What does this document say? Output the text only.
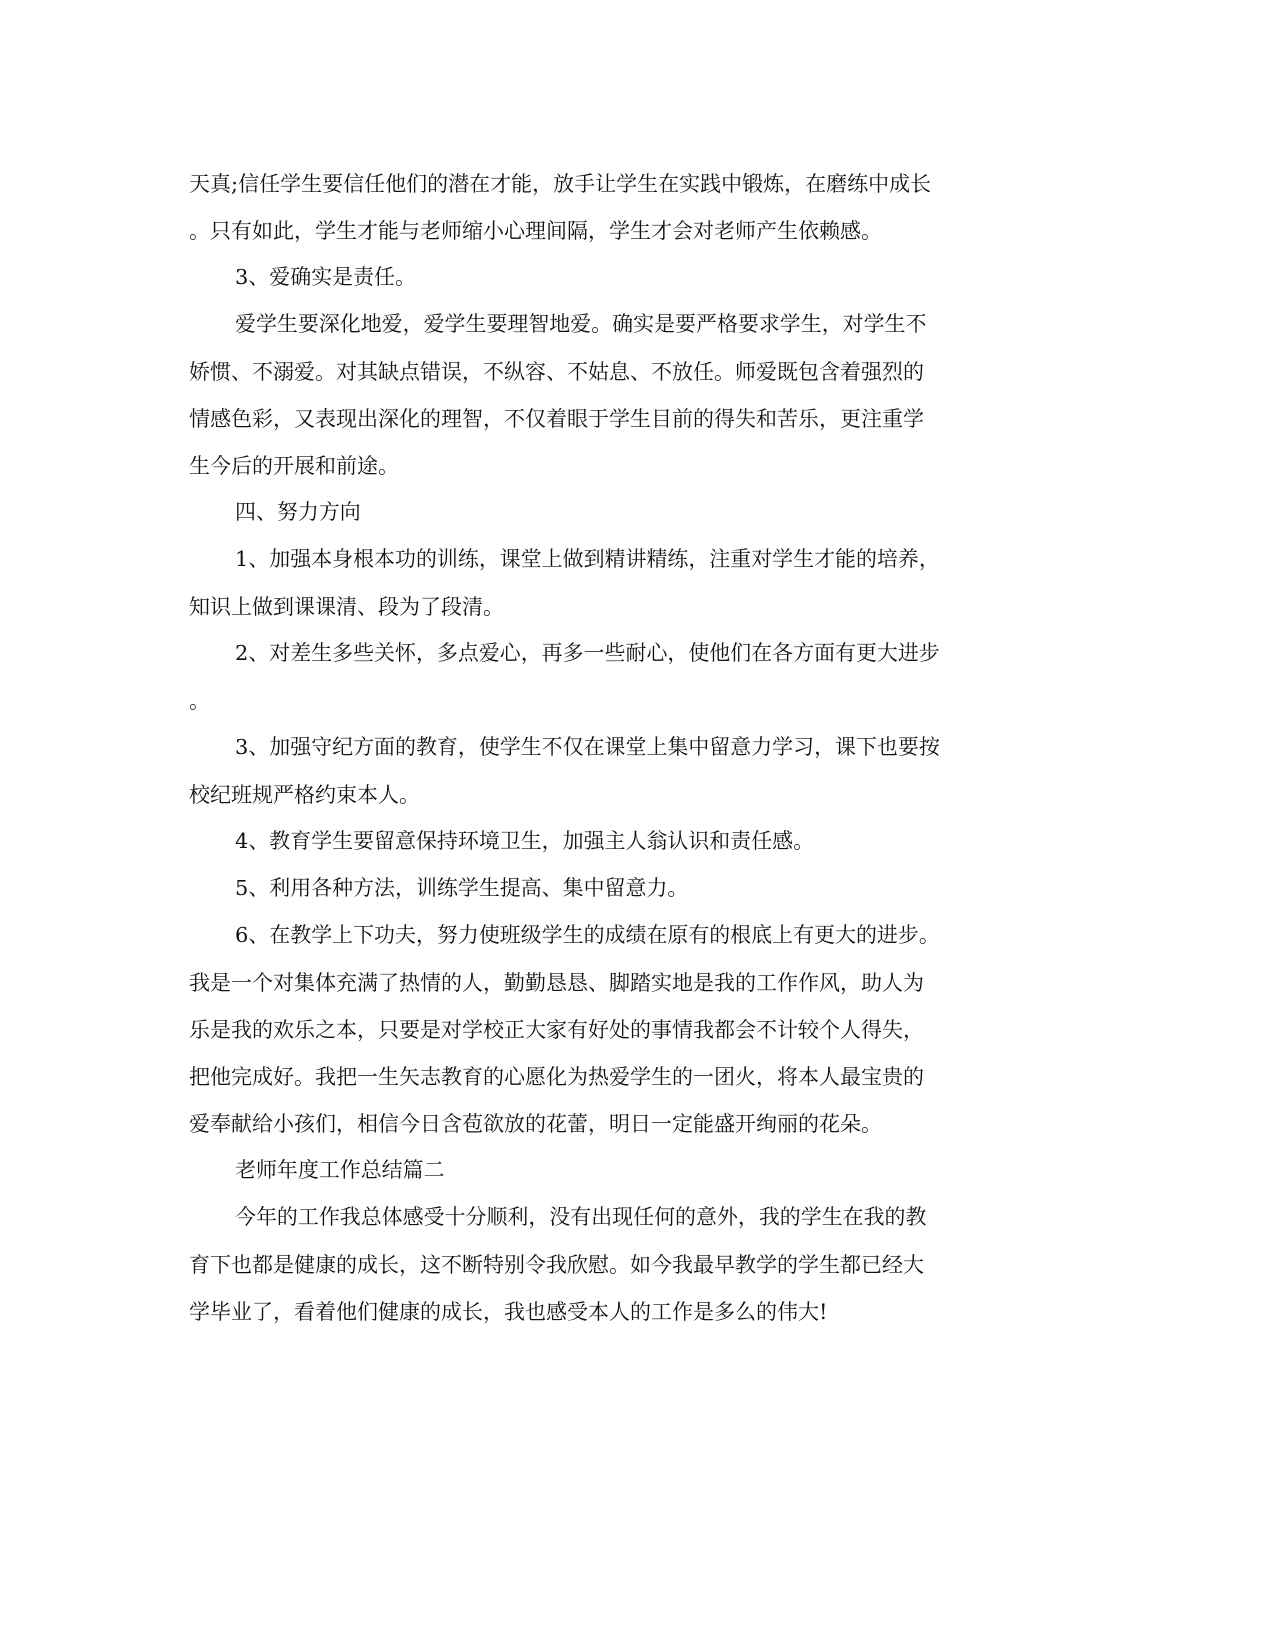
天真;信任学生要信任他们的潜在才能，放手让学生在实践中锻炼，在磨练中成长
。只有如此，学生才能与老师缩小心理间隔，学生才会对老师产生依赖感。
3、爱确实是责任。
爱学生要深化地爱，爱学生要理智地爱。确实是要严格要求学生，对学生不
娇惯、不溺爱。对其缺点错误，不纵容、不姑息、不放任。师爱既包含着强烈的
情感色彩，又表现出深化的理智，不仅着眼于学生目前的得失和苦乐，更注重学
生今后的开展和前途。
四、努力方向
1、加强本身根本功的训练，课堂上做到精讲精练，注重对学生才能的培养，
知识上做到课课清、段为了段清。
2、对差生多些关怀，多点爱心，再多一些耐心，使他们在各方面有更大进步
。
3、加强守纪方面的教育，使学生不仅在课堂上集中留意力学习，课下也要按
校纪班规严格约束本人。
4、教育学生要留意保持环境卫生，加强主人翁认识和责任感。
5、利用各种方法，训练学生提高、集中留意力。
6、在教学上下功夫，努力使班级学生的成绩在原有的根底上有更大的进步。
我是一个对集体充满了热情的人，勤勤恳恳、脚踏实地是我的工作作风，助人为
乐是我的欢乐之本，只要是对学校正大家有好处的事情我都会不计较个人得失，
把他完成好。我把一生矢志教育的心愿化为热爱学生的一团火，将本人最宝贵的
爱奉献给小孩们，相信今日含苞欲放的花蕾，明日一定能盛开绚丽的花朵。
老师年度工作总结篇二
今年的工作我总体感受十分顺利，没有出现任何的意外，我的学生在我的教
育下也都是健康的成长，这不断特别令我欣慰。如今我最早教学的学生都已经大
学毕业了，看着他们健康的成长，我也感受本人的工作是多么的伟大!
